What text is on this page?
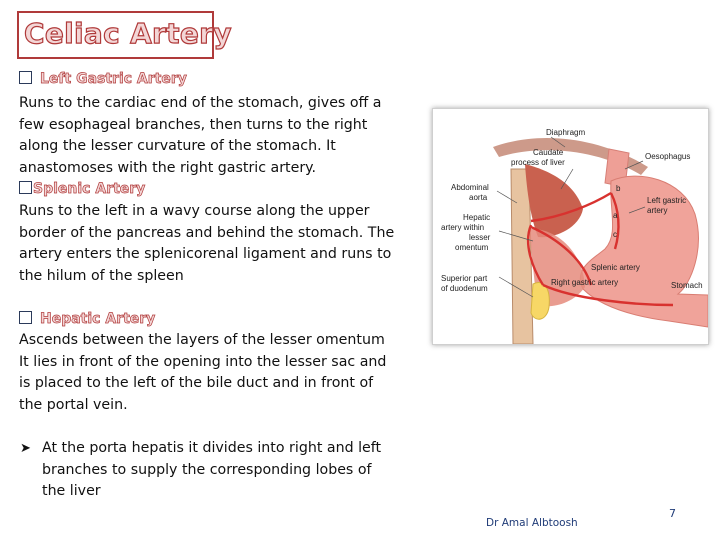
Celiac Artery
Left Gastric Artery
Runs to the cardiac end of the stomach, gives off a few esophageal branches, then turns to the right along the lesser curvature of the stomach. It anastomoses with the right gastric artery.
Splenic Artery
Runs to the left in a wavy course along the upper border of the pancreas and behind the stomach. The artery enters the splenicorenal ligament and runs to the hilum of the spleen
Hepatic Artery
Ascends between the layers of the lesser omentum It lies in front of the opening into the lesser sac and is placed to the left of the bile duct and in front of the portal vein.
➤ At the porta hepatis it divides into right and left branches to supply the corresponding lobes of the liver
Diaphragm
Caudate
process of liver
Oesophagus
Abdominal
aorta
Hepatic
artery within
lesser
omentum
Left gastric
artery
b
a
c
Splenic artery
Superior part
of duodenum
Right gastric artery	Stomach
Dr Amal Albtoosh
7
